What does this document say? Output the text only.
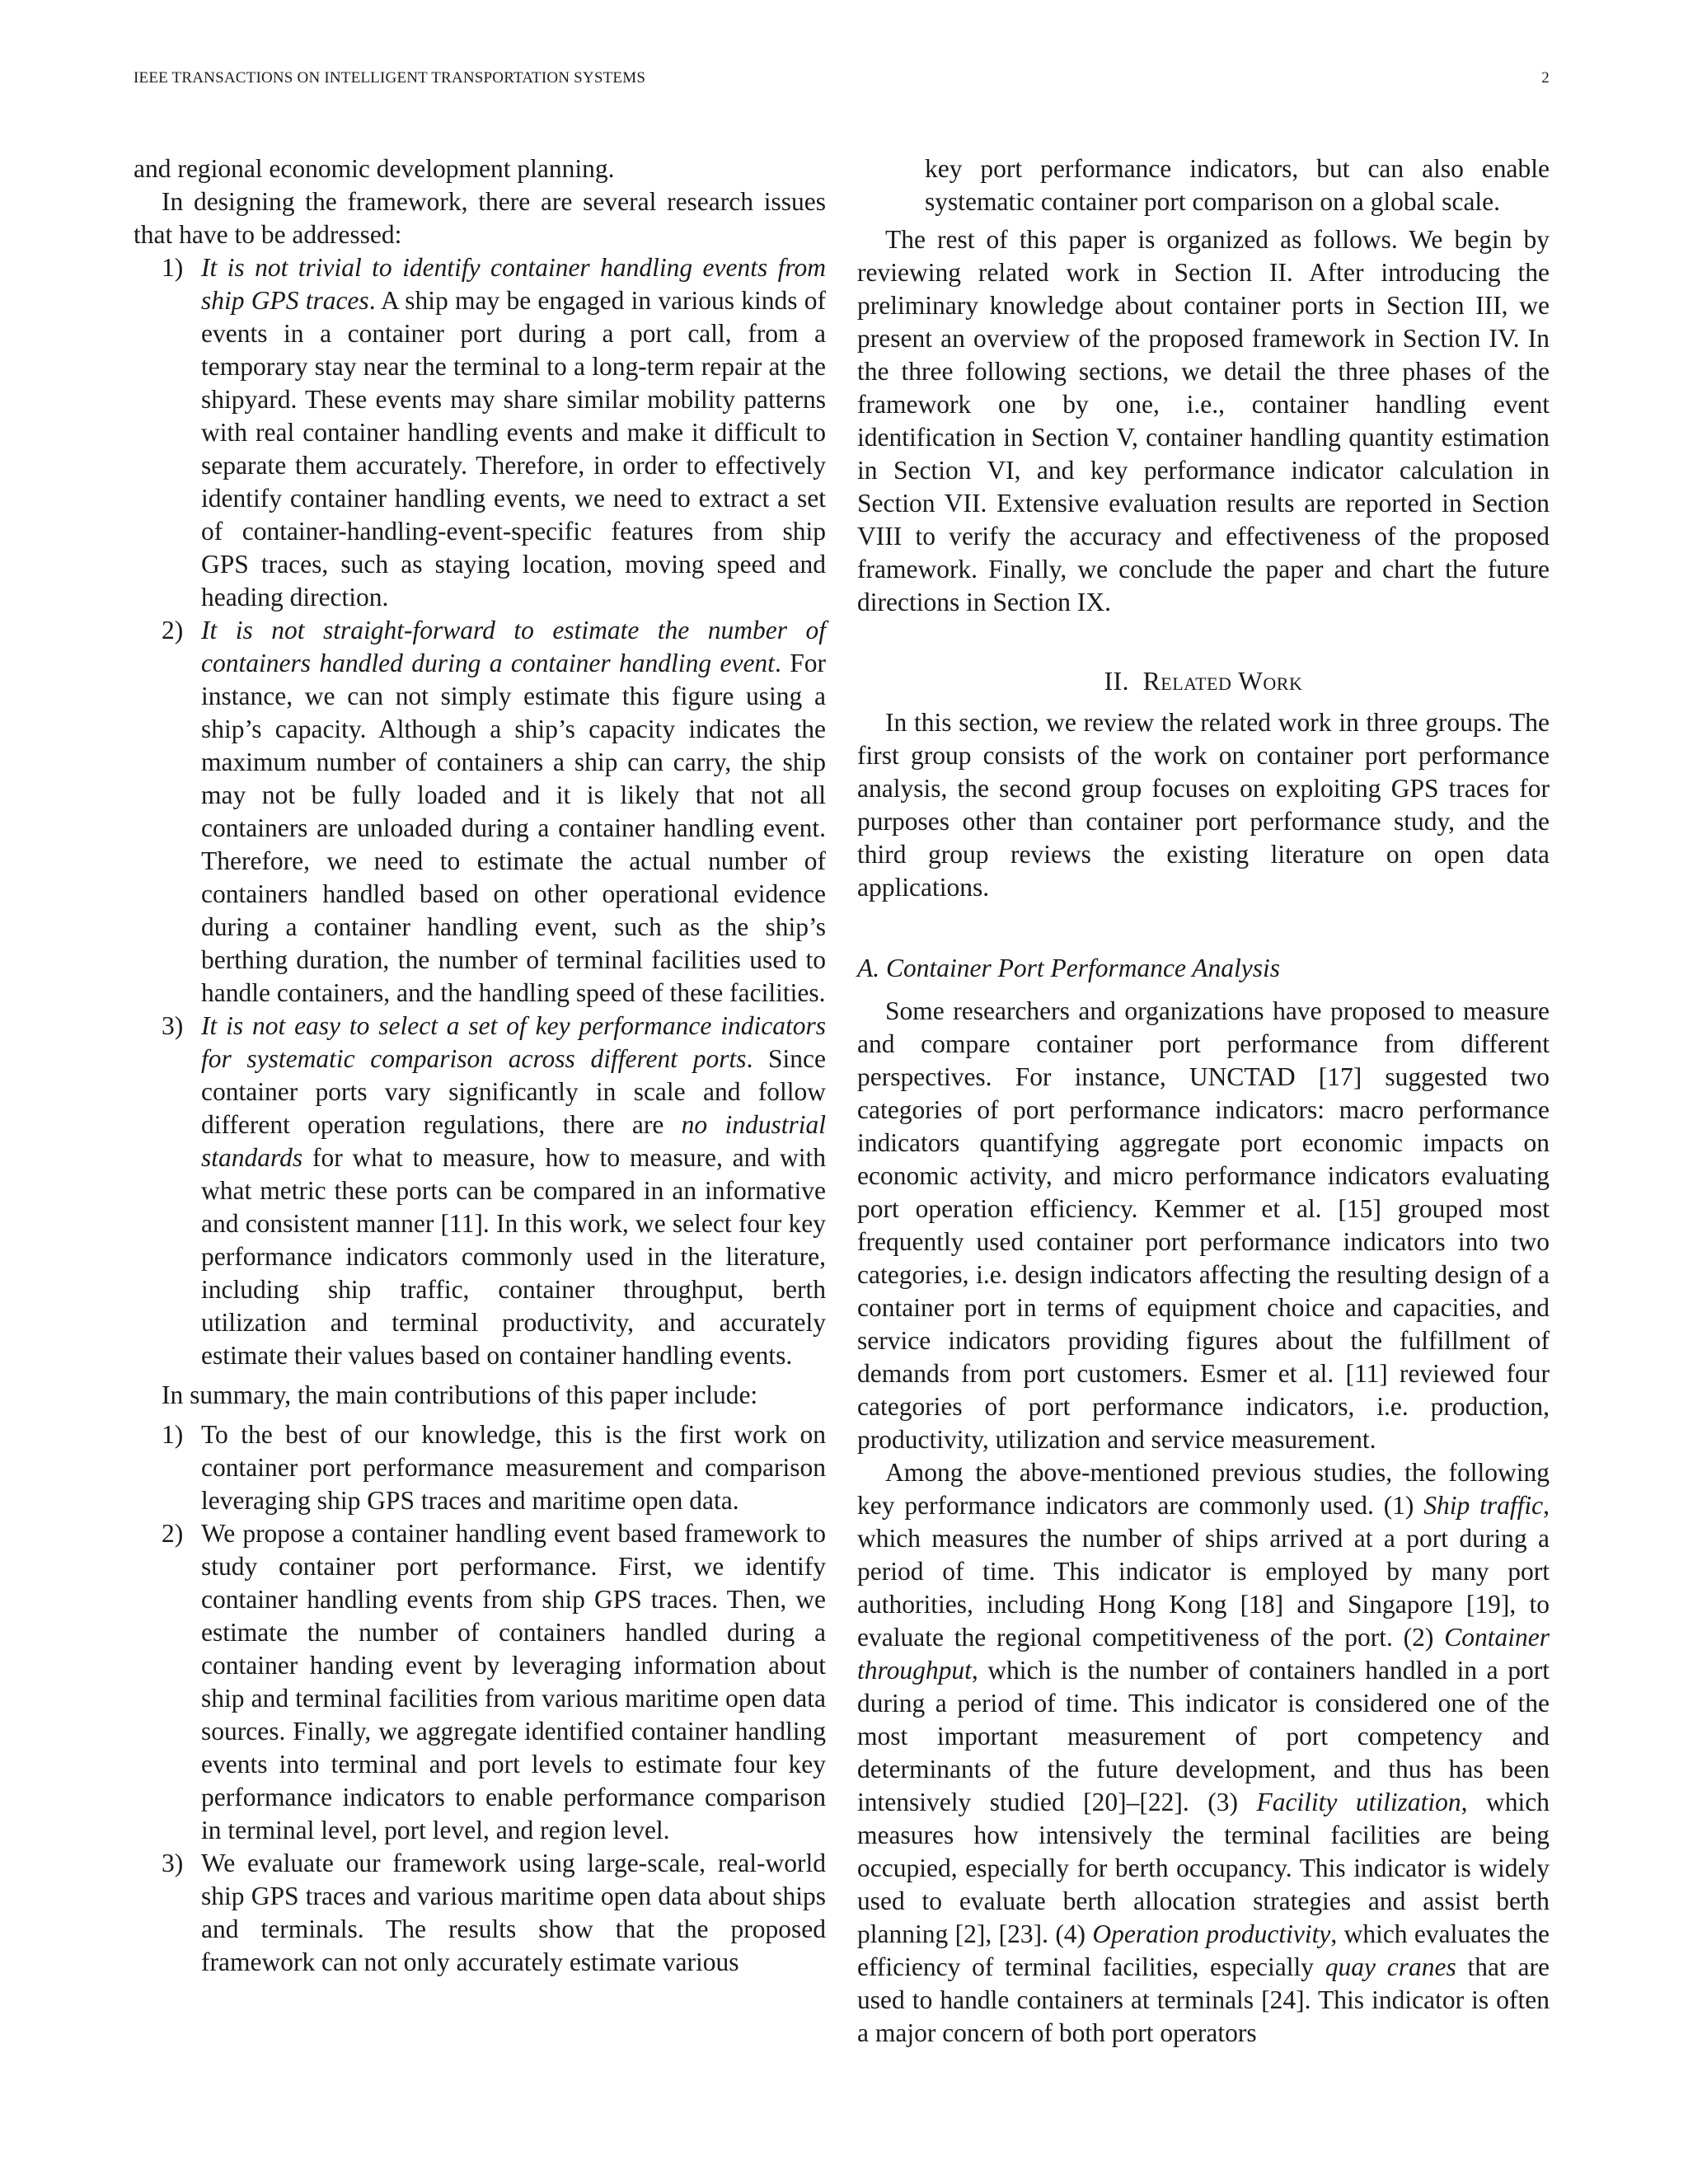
IEEE TRANSACTIONS ON INTELLIGENT TRANSPORTATION SYSTEMS	2

and regional economic development planning.

In designing the framework, there are several research issues that have to be addressed:

1) It is not trivial to identify container handling events from ship GPS traces. A ship may be engaged in various kinds of events in a container port during a port call, from a temporary stay near the terminal to a long-term repair at the shipyard. These events may share similar mobility patterns with real container handling events and make it difficult to separate them accurately. Therefore, in order to effectively identify container handling events, we need to extract a set of container-handling-event-specific features from ship GPS traces, such as staying location, moving speed and heading direction.
2) It is not straight-forward to estimate the number of containers handled during a container handling event. For instance, we can not simply estimate this figure using a ship’s capacity. Although a ship’s capacity indicates the maximum number of containers a ship can carry, the ship may not be fully loaded and it is likely that not all containers are unloaded during a container handling event. Therefore, we need to estimate the actual number of containers handled based on other operational evidence during a container handling event, such as the ship’s berthing duration, the number of terminal facilities used to handle containers, and the handling speed of these facilities.
3) It is not easy to select a set of key performance indicators for systematic comparison across different ports. Since container ports vary significantly in scale and follow different operation regulations, there are no industrial standards for what to measure, how to measure, and with what metric these ports can be compared in an informative and consistent manner [11]. In this work, we select four key performance indicators commonly used in the literature, including ship traffic, container throughput, berth utilization and terminal productivity, and accurately estimate their values based on container handling events.

In summary, the main contributions of this paper include:

1) To the best of our knowledge, this is the first work on container port performance measurement and comparison leveraging ship GPS traces and maritime open data.
2) We propose a container handling event based framework to study container port performance. First, we identify container handling events from ship GPS traces. Then, we estimate the number of containers handled during a container handing event by leveraging information about ship and terminal facilities from various maritime open data sources. Finally, we aggregate identified container handling events into terminal and port levels to estimate four key performance indicators to enable performance comparison in terminal level, port level, and region level.
3) We evaluate our framework using large-scale, real-world ship GPS traces and various maritime open data about ships and terminals. The results show that the proposed framework can not only accurately estimate various

key port performance indicators, but can also enable systematic container port comparison on a global scale.

The rest of this paper is organized as follows. We begin by reviewing related work in Section II. After introducing the preliminary knowledge about container ports in Section III, we present an overview of the proposed framework in Section IV. In the three following sections, we detail the three phases of the framework one by one, i.e., container handling event identification in Section V, container handling quantity estimation in Section VI, and key performance indicator calculation in Section VII. Extensive evaluation results are reported in Section VIII to verify the accuracy and effectiveness of the proposed framework. Finally, we conclude the paper and chart the future directions in Section IX.

II. Related Work

In this section, we review the related work in three groups. The first group consists of the work on container port performance analysis, the second group focuses on exploiting GPS traces for purposes other than container port performance study, and the third group reviews the existing literature on open data applications.

A. Container Port Performance Analysis

Some researchers and organizations have proposed to measure and compare container port performance from different perspectives. For instance, UNCTAD [17] suggested two categories of port performance indicators: macro performance indicators quantifying aggregate port economic impacts on economic activity, and micro performance indicators evaluating port operation efficiency. Kemmer et al. [15] grouped most frequently used container port performance indicators into two categories, i.e. design indicators affecting the resulting design of a container port in terms of equipment choice and capacities, and service indicators providing figures about the fulfillment of demands from port customers. Esmer et al. [11] reviewed four categories of port performance indicators, i.e. production, productivity, utilization and service measurement.

Among the above-mentioned previous studies, the following key performance indicators are commonly used. (1) Ship traffic, which measures the number of ships arrived at a port during a period of time. This indicator is employed by many port authorities, including Hong Kong [18] and Singapore [19], to evaluate the regional competitiveness of the port. (2) Container throughput, which is the number of containers handled in a port during a period of time. This indicator is considered one of the most important measurement of port competency and determinants of the future development, and thus has been intensively studied [20]–[22]. (3) Facility utilization, which measures how intensively the terminal facilities are being occupied, especially for berth occupancy. This indicator is widely used to evaluate berth allocation strategies and assist berth planning [2], [23]. (4) Operation productivity, which evaluates the efficiency of terminal facilities, especially quay cranes that are used to handle containers at terminals [24]. This indicator is often a major concern of both port operators
